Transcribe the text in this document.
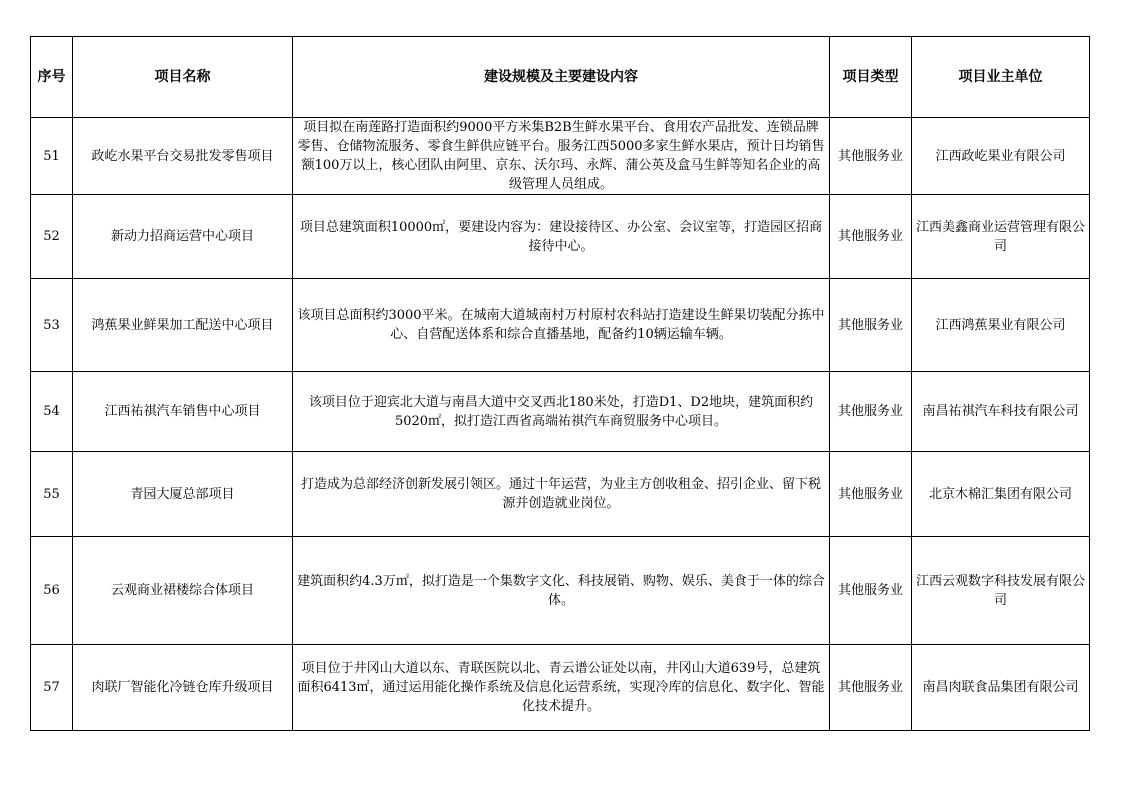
序号	项目名称	建设规模及主要建设内容	项目类型	项目业主单位
51	政屹水果平台交易批发零售项目	项目拟在南莲路打造面积约9000平方米集B2B生鲜水果平台、食用农产品批发、连锁品牌零售、仓储物流服务、零食生鲜供应链平台。服务江西5000多家生鲜水果店，预计日均销售额100万以上，核心团队由阿里、京东、沃尔玛、永辉、蒲公英及盒马生鲜等知名企业的高级管理人员组成。	其他服务业	江西政屹果业有限公司
52	新动力招商运营中心项目	项目总建筑面积10000㎡，要建设内容为：建设接待区、办公室、会议室等，打造园区招商接待中心。	其他服务业	江西美鑫商业运营管理有限公司
53	鸿蕉果业鲜果加工配送中心项目	该项目总面积约3000平米。在城南大道城南村万村原村农科站打造建设生鲜果切装配分拣中心、自营配送体系和综合直播基地，配备约10辆运输车辆。	其他服务业	江西鸿蕉果业有限公司
54	江西祐祺汽车销售中心项目	该项目位于迎宾北大道与南昌大道中交叉西北180米处，打造D1、D2地块，建筑面积约5020㎡，拟打造江西省高端祐祺汽车商贸服务中心项目。	其他服务业	南昌祐祺汽车科技有限公司
55	青园大厦总部项目	打造成为总部经济创新发展引领区。通过十年运营，为业主方创收租金、招引企业、留下税源并创造就业岗位。	其他服务业	北京木棉汇集团有限公司
56	云观商业裙楼综合体项目	建筑面积约4.3万㎡，拟打造是一个集数字文化、科技展销、购物、娱乐、美食于一体的综合体。	其他服务业	江西云观数字科技发展有限公司
57	肉联厂智能化冷链仓库升级项目	项目位于井冈山大道以东、青联医院以北、青云谱公证处以南，井冈山大道639号，总建筑面积6413㎡，通过运用能化操作系统及信息化运营系统，实现冷库的信息化、数字化、智能化技术提升。	其他服务业	南昌肉联食品集团有限公司
